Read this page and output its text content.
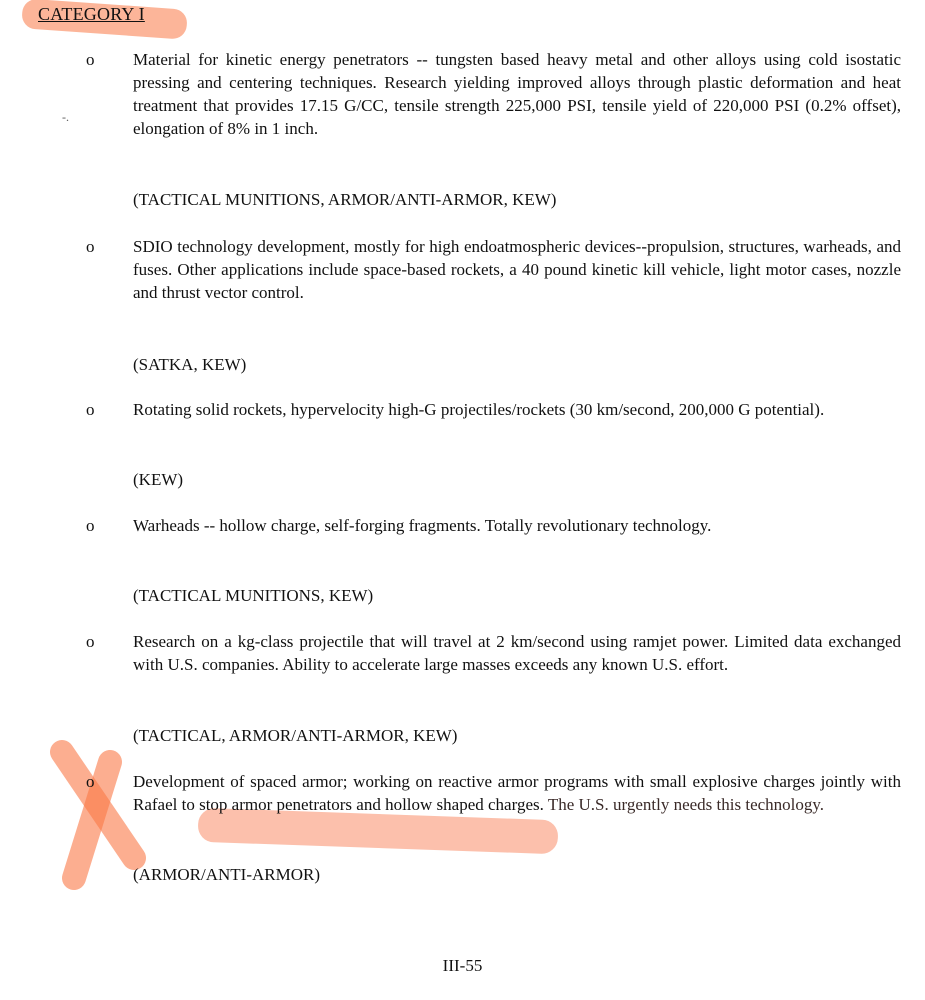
CATEGORY I
-.
o Material for kinetic energy penetrators -- tungsten based heavy metal and other alloys using cold isostatic pressing and centering techniques. Research yielding improved alloys through plastic deformation and heat treatment that provides 17.15 G/CC, tensile strength 225,000 PSI, tensile yield of 220,000 PSI (0.2% offset), elongation of 8% in 1 inch.
(TACTICAL MUNITIONS, ARMOR/ANTI-ARMOR, KEW)
o SDIO technology development, mostly for high endoatmospheric devices--propulsion, structures, warheads, and fuses. Other applications include space-based rockets, a 40 pound kinetic kill vehicle, light motor cases, nozzle and thrust vector control.
(SATKA, KEW)
o Rotating solid rockets, hypervelocity high-G projectiles/rockets (30 km/second, 200,000 G potential).
(KEW)
o Warheads -- hollow charge, self-forging fragments. Totally revolutionary technology.
(TACTICAL MUNITIONS, KEW)
o Research on a kg-class projectile that will travel at 2 km/second using ramjet power. Limited data exchanged with U.S. companies. Ability to accelerate large masses exceeds any known U.S. effort.
(TACTICAL, ARMOR/ANTI-ARMOR, KEW)
o Development of spaced armor; working on reactive armor programs with small explosive charges jointly with Rafael to stop armor penetrators and hollow shaped charges. The U.S. urgently needs this technology.
(ARMOR/ANTI-ARMOR)
III-55
